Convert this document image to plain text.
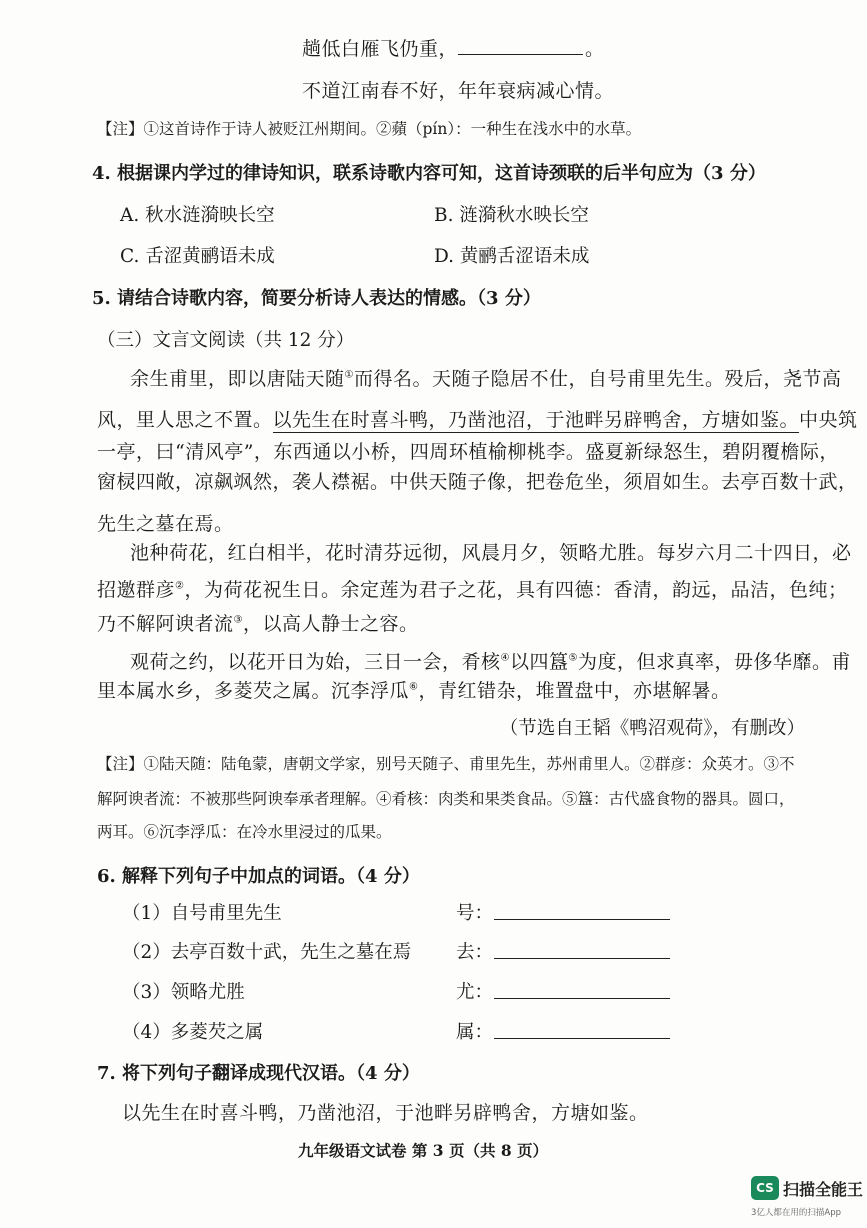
趟低白雁飞仍重，	。
不道江南春不好，年年衰病减心情。
【注】①这首诗作于诗人被贬江州期间。②蘋（pín）：一种生在浅水中的水草。
4. 根据课内学过的律诗知识，联系诗歌内容可知，这首诗颈联的后半句应为（3 分）
A. 秋水涟漪映长空	B. 涟漪秋水映长空
C. 舌涩黄鹂语未成	D. 黄鹂舌涩语未成
5. 请结合诗歌内容，简要分析诗人表达的情感。（3 分）
（三）文言文阅读（共 12 分）
余生甫里，即以唐陆天随①而得名。天随子隐居不仕，自号甫里先生。殁后，尧节高
风，里人思之不置。以先生在时喜斗鸭，乃凿池沼，于池畔另辟鸭舍，方塘如鉴。中央筑
一亭，曰“清风亭”，东西通以小桥，四周环植榆柳桃李。盛夏新绿怒生，碧阴覆檐际，
窗棂四敞，凉飙飒然，袭人襟裾。中供天随子像，把卷危坐，须眉如生。去亭百数十武，
先生之墓在焉。
池种荷花，红白相半，花时清芬远彻，风晨月夕，领略尤胜。每岁六月二十四日，必
招邀群彦②，为荷花祝生日。余定莲为君子之花，具有四德：香清，韵远，品洁，色纯；
乃不解阿谀者流③，以高人静士之容。
观荷之约，以花开日为始，三日一会，肴核④以四簋⑤为度，但求真率，毋侈华靡。甫
里本属水乡，多菱芡之属。沉李浮瓜⑥，青红错杂，堆置盘中，亦堪解暑。
（节选自王韬《鸭沼观荷》，有删改）
【注】①陆天随：陆龟蒙，唐朝文学家，别号天随子、甫里先生，苏州甫里人。②群彦：众英才。③不
解阿谀者流：不被那些阿谀奉承者理解。④肴核：肉类和果类食品。⑤簋：古代盛食物的器具。圆口，
两耳。⑥沉李浮瓜：在冷水里浸过的瓜果。
6. 解释下列句子中加点的词语。（4 分）
（1）自号甫里先生	号：
（2）去亭百数十武，先生之墓在焉 去：
（3）领略尤胜	尤：
（4）多菱芡之属	属：
7. 将下列句子翻译成现代汉语。（4 分）
以先生在时喜斗鸭，乃凿池沼，于池畔另辟鸭舍，方塘如鉴。
九年级语文试卷 第 3 页（共 8 页）
CS 扫描全能王
3亿人都在用的扫描App
